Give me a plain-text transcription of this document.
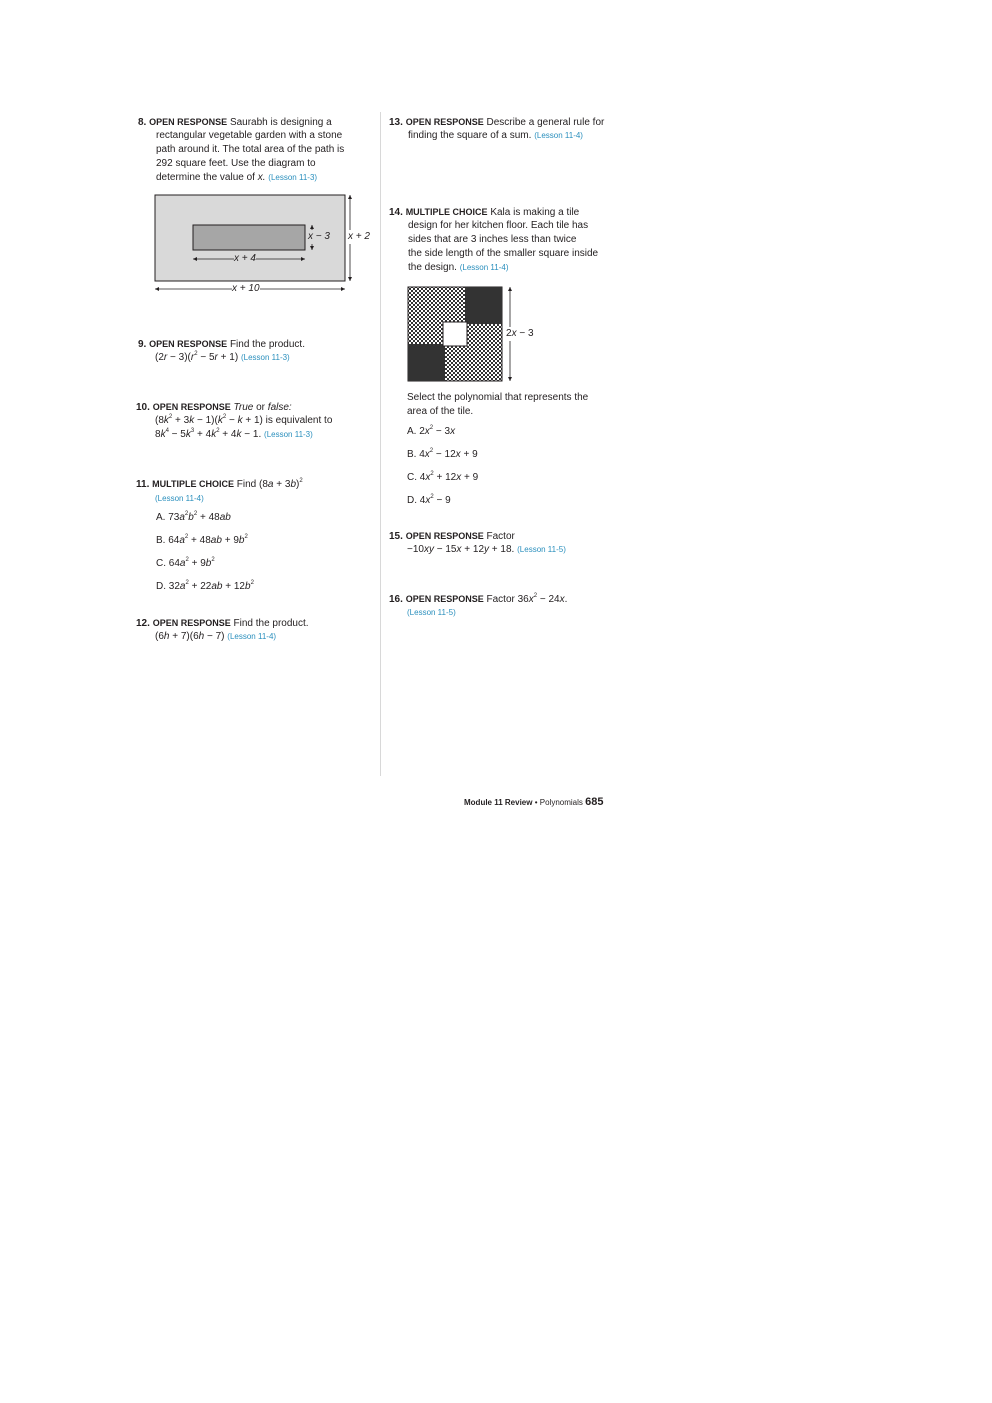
8. OPEN RESPONSE Saurabh is designing a
rectangular vegetable garden with a stone
path around it. The total area of the path is
292 square feet. Use the diagram to
determine the value of x. (Lesson 11-3)
x − 3 x + 2
x + 4
x + 10
9. OPEN RESPONSE Find the product.
$(2r - 3)(r^2 - 5r + 1)$ (Lesson 11-3)
10. OPEN RESPONSE True or false:
$(8k^2 + 3k - 1)(k^2 - k + 1)$ is equivalent to
$8k^4 - 5k^3 + 4k^2 + 4k - 1$. (Lesson 11-3)
11. MULTIPLE CHOICE Find $(8a + 3b)^2$
(Lesson 11-4)
A. $73a^2b^2 + 48ab$
B. $64a^2 + 48ab + 9b^2$
C. $64a^2 + 9b^2$
D. $32a^2 + 22ab + 12b^2$
12. OPEN RESPONSE Find the product.
(6h + 7)(6h − 7) (Lesson 11-4)
13. OPEN RESPONSE Describe a general rule for
finding the square of a sum. (Lesson 11-4)
14. MULTIPLE CHOICE Kala is making a tile
design for her kitchen floor. Each tile has
sides that are 3 inches less than twice
the side length of the smaller square inside
the design. (Lesson 11-4)
2x − 3
Select the polynomial that represents the
area of the tile.
A. $2x^2 - 3x$
B. $4x^2 - 12x + 9$
C. $4x^2 + 12x + 9$
D. $4x^2 - 9$
15. OPEN RESPONSE Factor
−10xy − 15x + 12y + 18. (Lesson 11-5)
16. OPEN RESPONSE Factor $36x^2 - 24x$.
(Lesson 11-5)
Module 11 Review • Polynomials 685
